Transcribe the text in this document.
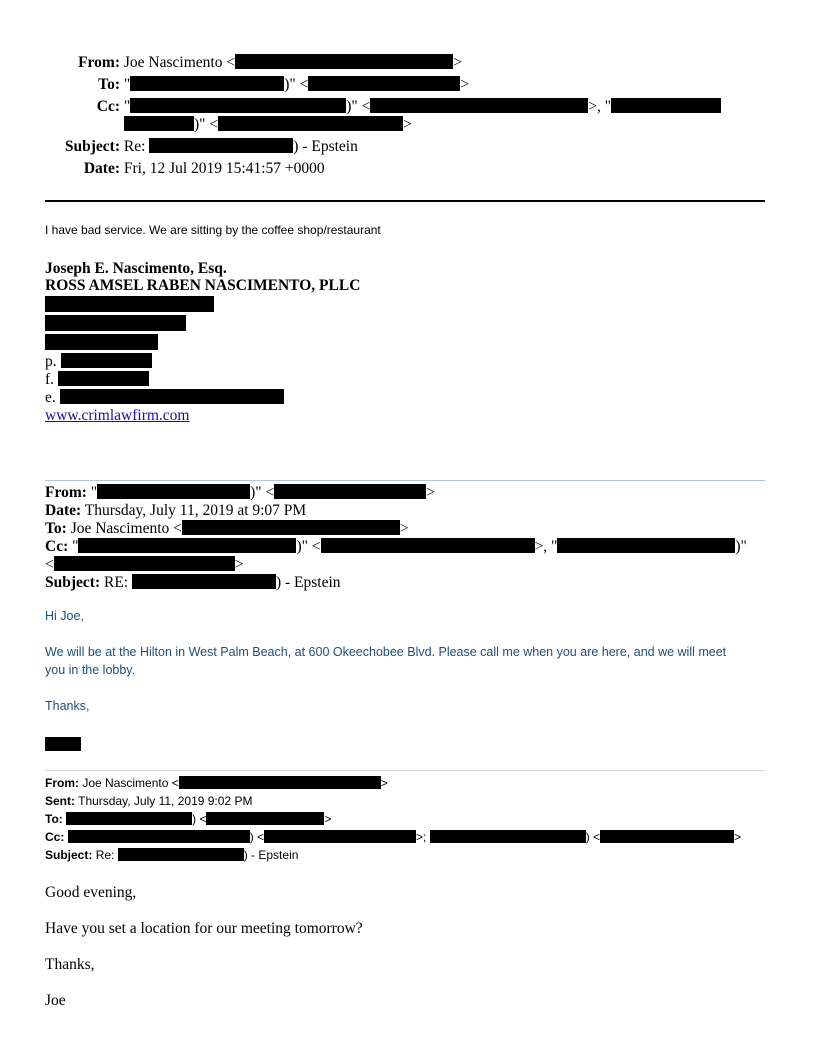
From: Joe Nascimento <	>
To: "	)" <	>
Cc: "	)" <	>, "
)" <	>
Subject: Re:	) - Epstein
Date: Fri, 12 Jul 2019 15:41:57 +0000
I have bad service. We are sitting by the coffee shop/restaurant
Joseph E. Nascimento, Esq.
ROSS AMSEL RABEN NASCIMENTO, PLLC
p.
f.
e.
www.crimlawfirm.com
From: "	)" <	>
Date: Thursday, July 11, 2019 at 9:07 PM
To: Joe Nascimento <	>
Cc: "	)" <	>, "	)"
<	>
Subject: RE:	) - Epstein
Hi Joe,
We will be at the Hilton in West Palm Beach, at 600 Okeechobee Blvd. Please call me when you are here, and we will meet
you in the lobby.
Thanks,
From: Joe Nascimento <	>
Sent: Thursday, July 11, 2019 9:02 PM
To:	) <	>
Cc:	) <	>;	) <	>
Subject: Re:	) - Epstein
Good evening,
Have you set a location for our meeting tomorrow?
Thanks,
Joe
